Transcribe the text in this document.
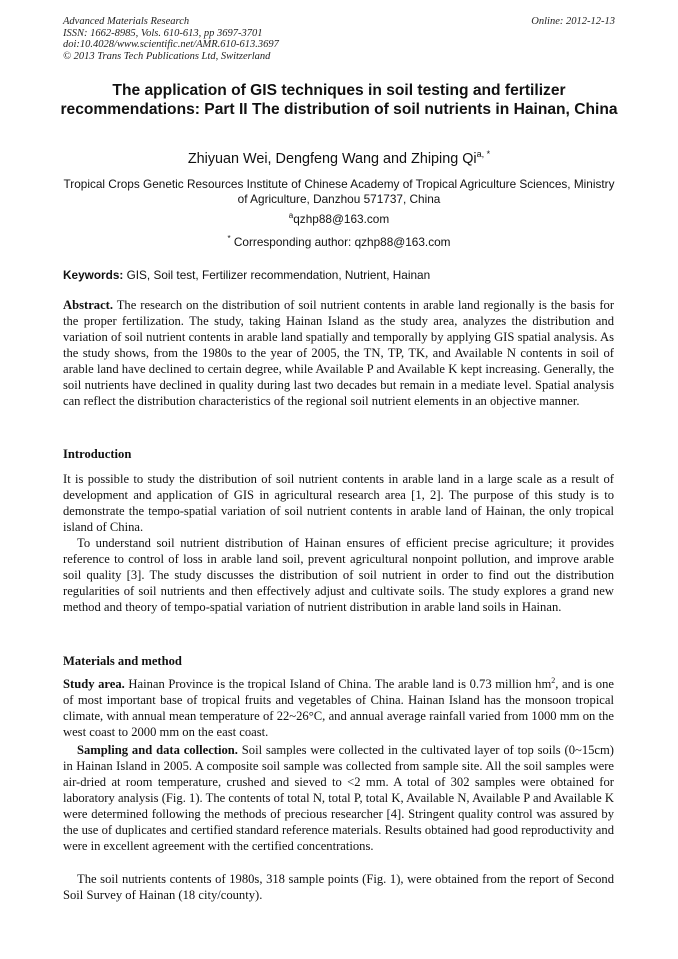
Advanced Materials Research
ISSN: 1662-8985, Vols. 610-613, pp 3697-3701
doi:10.4028/www.scientific.net/AMR.610-613.3697
© 2013 Trans Tech Publications Ltd, Switzerland
Online: 2012-12-13
The application of GIS techniques in soil testing and fertilizer recommendations: Part II The distribution of soil nutrients in Hainan, China
Zhiyuan Wei, Dengfeng Wang and Zhiping $Qi^{a, *}$
Tropical Crops Genetic Resources Institute of Chinese Academy of Tropical Agriculture Sciences, Ministry of Agriculture, Danzhou 571737, China
$^a$qzhp88@163.com
* Corresponding author: qzhp88@163.com
Keywords: GIS, Soil test, Fertilizer recommendation, Nutrient, Hainan
Abstract. The research on the distribution of soil nutrient contents in arable land regionally is the basis for the proper fertilization. The study, taking Hainan Island as the study area, analyzes the distribution and variation of soil nutrient contents in arable land spatially and temporally by applying GIS spatial analysis. As the study shows, from the 1980s to the year of 2005, the TN, TP, TK, and Available N contents in soil of arable land have declined to certain degree, while Available P and Available K kept increasing. Generally, the soil nutrients have declined in quality during last two decades but remain in a mediate level. Spatial analysis can reflect the distribution characteristics of the regional soil nutrient elements in an objective manner.
Introduction
It is possible to study the distribution of soil nutrient contents in arable land in a large scale as a result of development and application of GIS in agricultural research area [1, 2]. The purpose of this study is to demonstrate the tempo-spatial variation of soil nutrient contents in arable land of Hainan, the only tropical island of China.
To understand soil nutrient distribution of Hainan ensures of efficient precise agriculture; it provides reference to control of loss in arable land soil, prevent agricultural nonpoint pollution, and improve arable soil quality [3]. The study discusses the distribution of soil nutrient in order to find out the distribution regularities of soil nutrients and then effectively adjust and cultivate soils. The study explores a grand new method and theory of tempo-spatial variation of nutrient distribution in arable land soils in Hainan.
Materials and method
Study area. Hainan Province is the tropical Island of China. The arable land is 0.73 million $hm^2$, and is one of most important base of tropical fruits and vegetables of China. Hainan Island has the monsoon tropical climate, with annual mean temperature of 22~26°C, and annual average rainfall varied from 1000 mm on the west coast to 2000 mm on the east coast.
Sampling and data collection. Soil samples were collected in the cultivated layer of top soils (0~15cm) in Hainan Island in 2005. A composite soil sample was collected from sample site. All the soil samples were air-dried at room temperature, crushed and sieved to <2 mm. A total of 302 samples were obtained for laboratory analysis (Fig. 1). The contents of total N, total P, total K, Available N, Available P and Available K were determined following the methods of precious researcher [4]. Stringent quality control was assured by the use of duplicates and certified standard reference materials. Results obtained had good reproductivity and were in excellent agreement with the certified concentrations.
The soil nutrients contents of 1980s, 318 sample points (Fig. 1), were obtained from the report of Second Soil Survey of Hainan (18 city/county).
